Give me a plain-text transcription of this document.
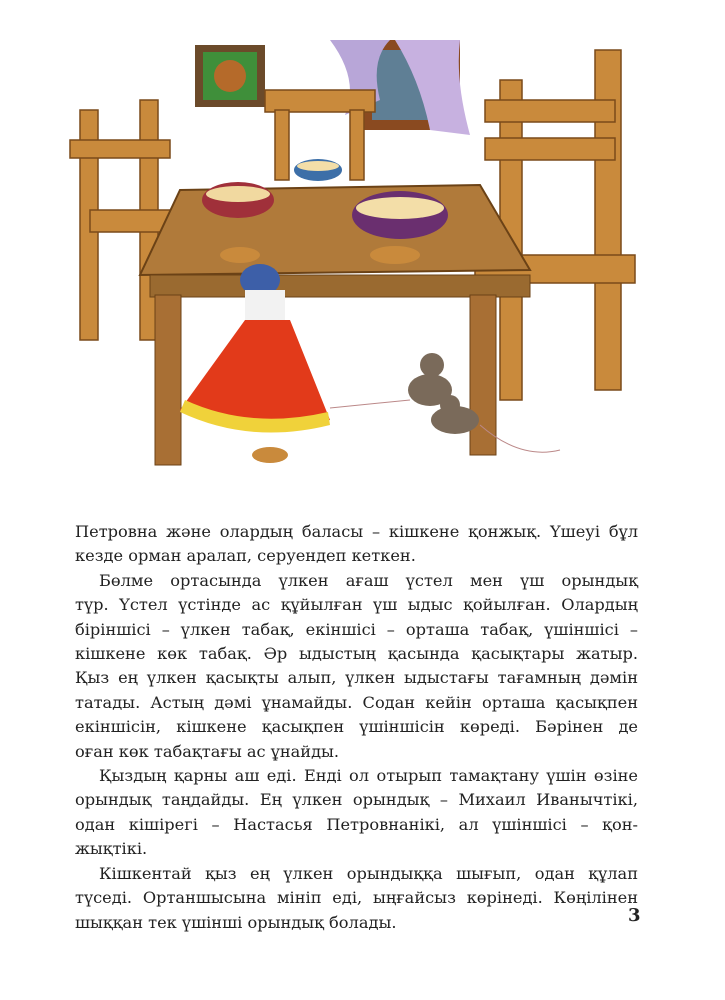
Петровна және олардың баласы – кішкене қонжық. Үшеуі бұл
кезде орман аралап, серуендеп кеткен.
Бөлме ортасында үлкен ағаш үстел мен үш орындық
түр. Үстел үстінде ас құйылған үш ыдыс қойылған. Олардың
біріншісі – үлкен табақ, екіншісі – орташа табақ, үшіншісі –
кішкене көк табақ. Әр ыдыстың қасында қасықтары жатыр.
Қыз ең үлкен қасықты алып, үлкен ыдыстағы тағамның дәмін
татады. Астың дәмі ұнамайды. Содан кейін орташа қасықпен
екіншісін, кішкене қасықпен үшіншісін көреді. Бәрінен де
оған көк табақтағы ас ұнайды.
Қыздың қарны аш еді. Енді ол отырып тамақтану үшін өзіне
орындық таңдайды. Ең үлкен орындық – Михаил Иванычтікі,
одан кішірегі – Настасья Петровнанікі, ал үшіншісі – қон-
жықтікі.
Кішкентай қыз ең үлкен орындыққа шығып, одан құлап
түседі. Ортаншысына мініп еді, ыңғайсыз көрінеді. Көңілінен
шыққан тек үшінші орындық болады.	3
